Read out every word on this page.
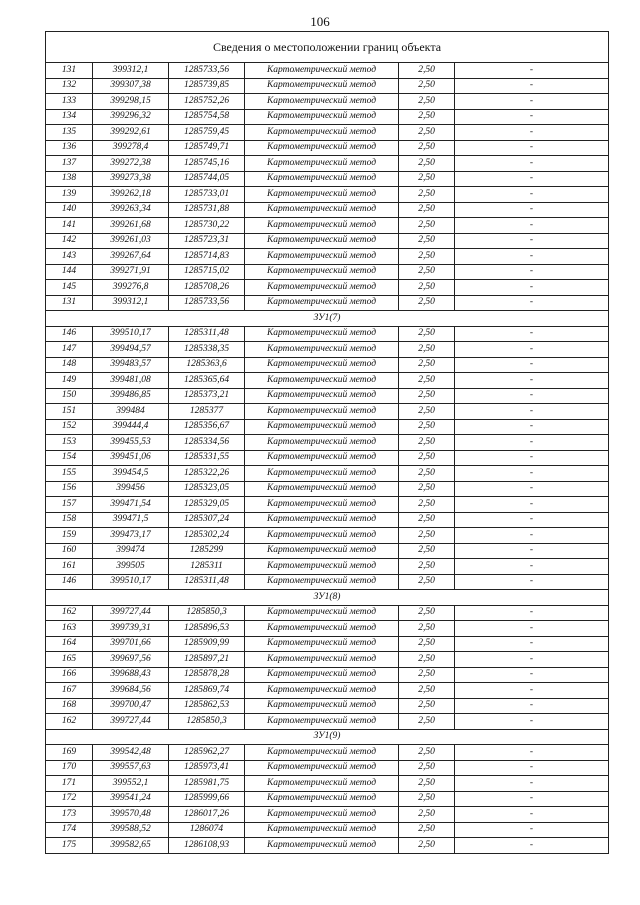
106
Сведения о местоположении границ объекта					
131	399312,1	1285733,56	Картометрический метод	2,50	-
132	399307,38	1285739,85	Картометрический метод	2,50	-
133	399298,15	1285752,26	Картометрический метод	2,50	-
134	399296,32	1285754,58	Картометрический метод	2,50	-
135	399292,61	1285759,45	Картометрический метод	2,50	-
136	399278,4	1285749,71	Картометрический метод	2,50	-
137	399272,38	1285745,16	Картометрический метод	2,50	-
138	399273,38	1285744,05	Картометрический метод	2,50	-
139	399262,18	1285733,01	Картометрический метод	2,50	-
140	399263,34	1285731,88	Картометрический метод	2,50	-
141	399261,68	1285730,22	Картометрический метод	2,50	-
142	399261,03	1285723,31	Картометрический метод	2,50	-
143	399267,64	1285714,83	Картометрический метод	2,50	-
144	399271,91	1285715,02	Картометрический метод	2,50	-
145	399276,8	1285708,26	Картометрический метод	2,50	-
131	399312,1	1285733,56	Картометрический метод	2,50	-
ЗУ1(7)					
146	399510,17	1285311,48	Картометрический метод	2,50	-
147	399494,57	1285338,35	Картометрический метод	2,50	-
148	399483,57	1285363,6	Картометрический метод	2,50	-
149	399481,08	1285365,64	Картометрический метод	2,50	-
150	399486,85	1285373,21	Картометрический метод	2,50	-
151	399484	1285377	Картометрический метод	2,50	-
152	399444,4	1285356,67	Картометрический метод	2,50	-
153	399455,53	1285334,56	Картометрический метод	2,50	-
154	399451,06	1285331,55	Картометрический метод	2,50	-
155	399454,5	1285322,26	Картометрический метод	2,50	-
156	399456	1285323,05	Картометрический метод	2,50	-
157	399471,54	1285329,05	Картометрический метод	2,50	-
158	399471,5	1285307,24	Картометрический метод	2,50	-
159	399473,17	1285302,24	Картометрический метод	2,50	-
160	399474	1285299	Картометрический метод	2,50	-
161	399505	1285311	Картометрический метод	2,50	-
146	399510,17	1285311,48	Картометрический метод	2,50	-
ЗУ1(8)					
162	399727,44	1285850,3	Картометрический метод	2,50	-
163	399739,31	1285896,53	Картометрический метод	2,50	-
164	399701,66	1285909,99	Картометрический метод	2,50	-
165	399697,56	1285897,21	Картометрический метод	2,50	-
166	399688,43	1285878,28	Картометрический метод	2,50	-
167	399684,56	1285869,74	Картометрический метод	2,50	-
168	399700,47	1285862,53	Картометрический метод	2,50	-
162	399727,44	1285850,3	Картометрический метод	2,50	-
ЗУ1(9)					
169	399542,48	1285962,27	Картометрический метод	2,50	-
170	399557,63	1285973,41	Картометрический метод	2,50	-
171	399552,1	1285981,75	Картометрический метод	2,50	-
172	399541,24	1285999,66	Картометрический метод	2,50	-
173	399570,48	1286017,26	Картометрический метод	2,50	-
174	399588,52	1286074	Картометрический метод	2,50	-
175	399582,65	1286108,93	Картометрический метод	2,50	-
